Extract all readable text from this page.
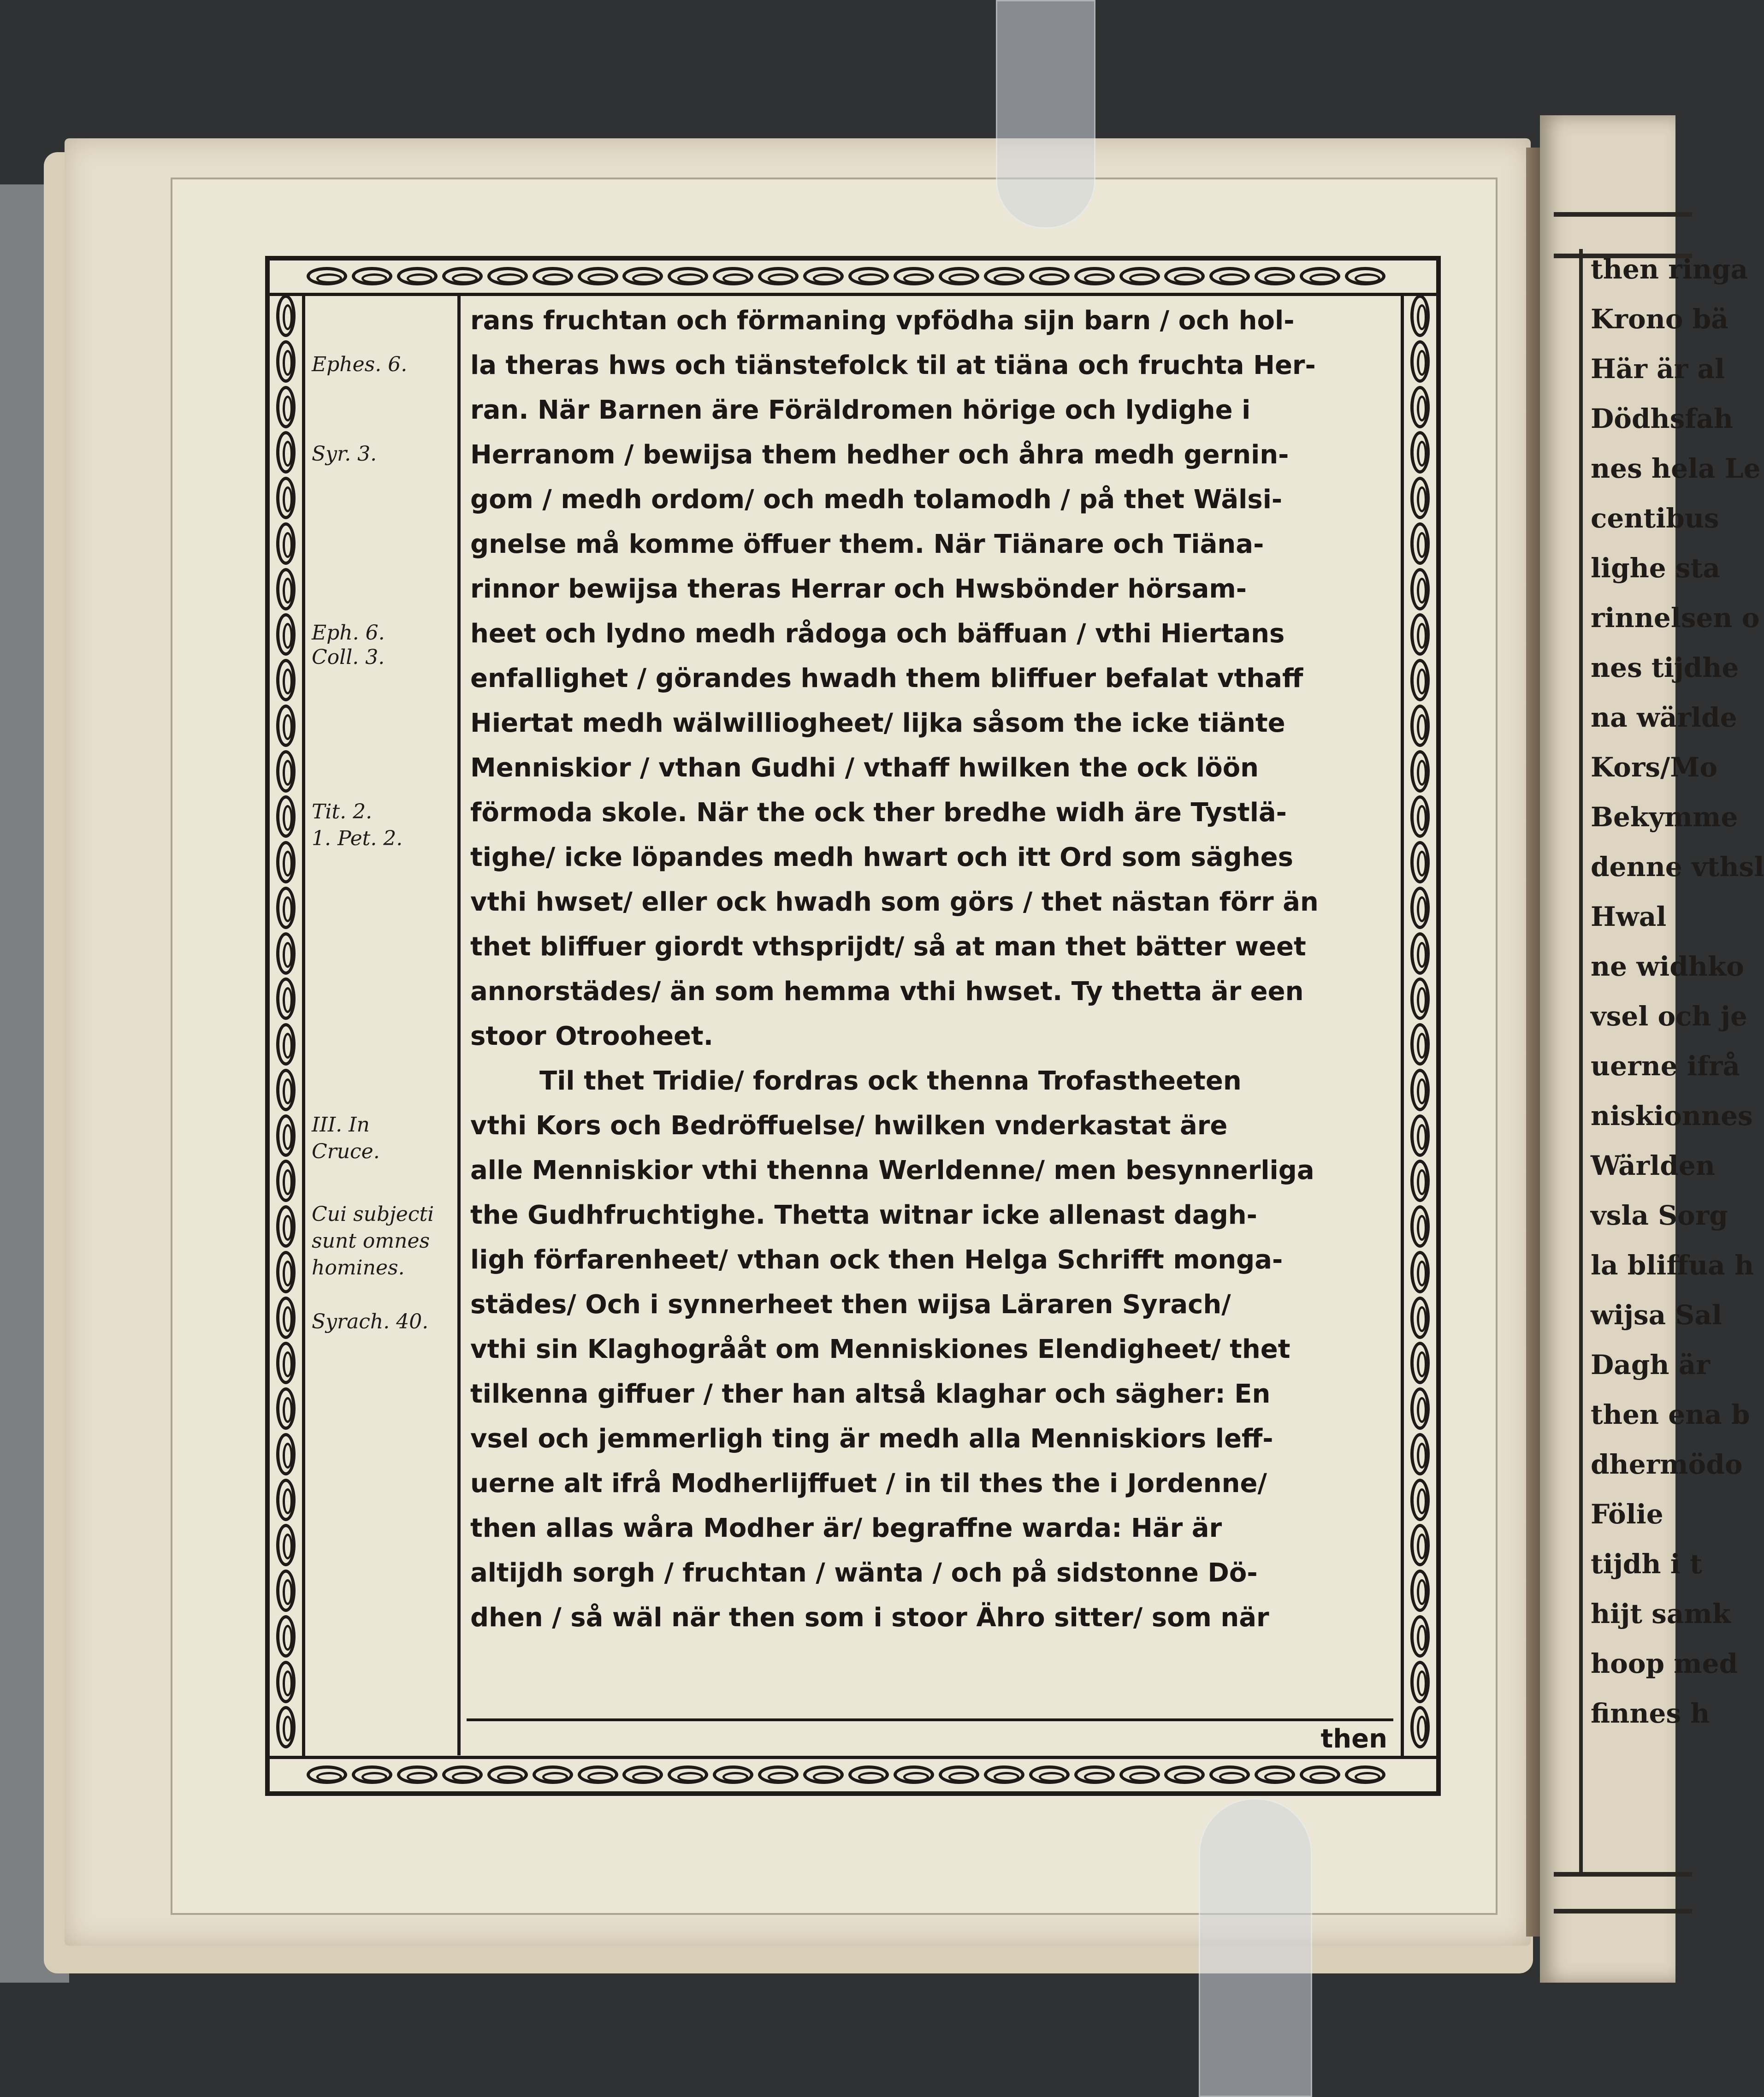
then ringa
Krono bä
Här är al
Dödhsfah
nes hela Le
centibus
lighe sta
rinnelsen o
nes tijdhe
na wärlde
Kors/Mo
Bekymme
denne vthsl
Hwal
ne widhko
vsel och je
uerne ifrå
niskionnes
Wärlden
vsla Sorg
la bliffua h
wijsa Sal
Dagh är
then ena b
dhermödo
Fölie
tijdh i t
hijt samk
hoop med
finnes h
Ephes. 6.
Syr. 3.
Eph. 6.
Coll. 3.
Tit. 2.
1. Pet. 2.
III. In
Cruce.
Cui subjecti
sunt omnes
homines.
Syrach. 40.
dhen / så wäl när then som i stoor Ähro sitter/ som när
altijdh sorgh / fruchtan / wänta / och på sidstonne Dö-
then allas wåra Modher är/ begraffne warda: Här är
uerne alt ifrå Modherlijffuet / in til thes the i Jordenne/
vsel och jemmerligh ting är medh alla Menniskiors leff-
tilkenna giffuer / ther han altså klaghar och sägher: En
vthi sin Klaghogrååt om Menniskiones Elendigheet/ thet
städes/ Och i synnerheet then wijsa Läraren Syrach/
ligh förfarenheet/ vthan ock then Helga Schrifft monga-
the Gudhfruchtighe. Thetta witnar icke allenast dagh-
alle Menniskior vthi thenna Werldenne/ men besynnerliga
vthi Kors och Bedröffuelse/ hwilken vnderkastat äre
Til thet Tridie/ fordras ock thenna Trofastheeten
stoor Otrooheet.
annorstädes/ än som hemma vthi hwset. Ty thetta är een
thet bliffuer giordt vthsprijdt/ så at man thet bätter weet
vthi hwset/ eller ock hwadh som görs / thet nästan förr än
tighe/ icke löpandes medh hwart och itt Ord som säghes
förmoda skole. När the ock ther bredhe widh äre Tystlä-
Menniskior / vthan Gudhi / vthaff hwilken the ock löön
Hiertat medh wälwilliogheet/ lijka såsom the icke tiänte
enfallighet / görandes hwadh them bliffuer befalat vthaff
heet och lydno medh rådoga och bäffuan / vthi Hiertans
rinnor bewijsa theras Herrar och Hwsbönder hörsam-
gnelse må komme öffuer them. När Tiänare och Tiäna-
gom / medh ordom/ och medh tolamodh / på thet Wälsi-
Herranom / bewijsa them hedher och åhra medh gernin-
ran. När Barnen äre Föräldromen hörige och lydighe i
la theras hws och tiänstefolck til at tiäna och fruchta Her-
rans fruchtan och förmaning vpfödha sijn barn / och hol-
then
